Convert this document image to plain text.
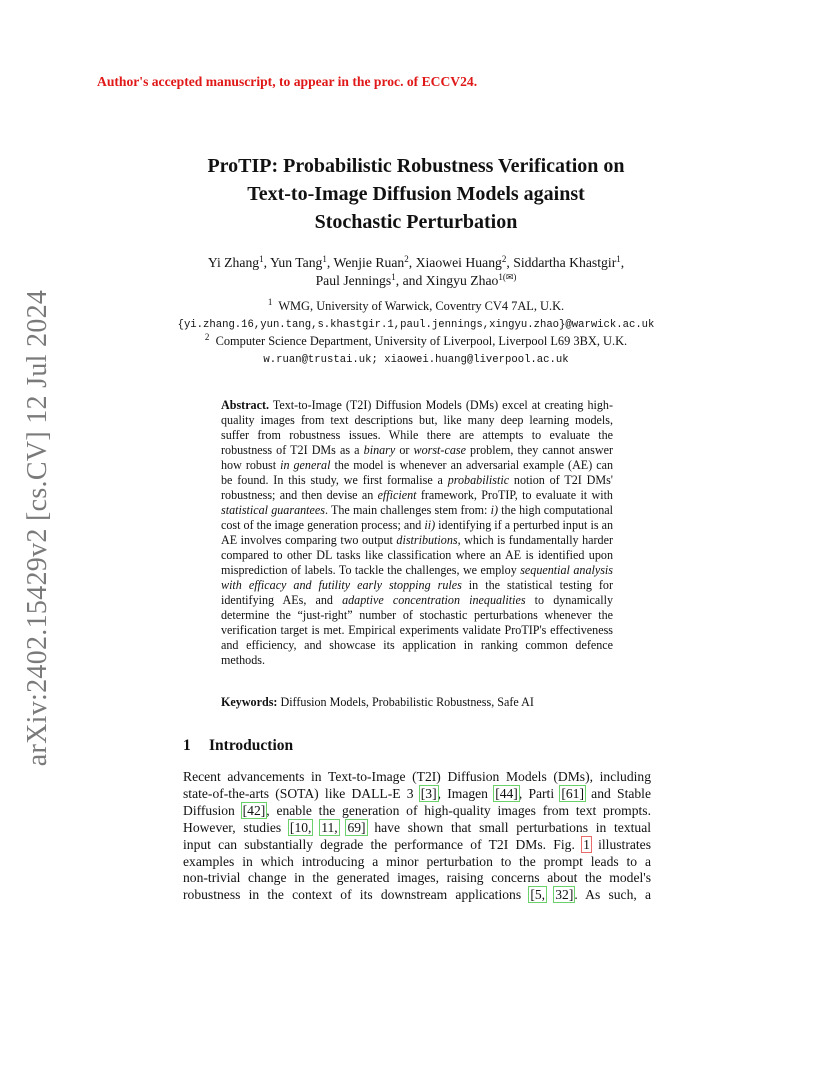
Author's accepted manuscript, to appear in the proc. of ECCV24.
arXiv:2402.15429v2 [cs.CV] 12 Jul 2024
ProTIP: Probabilistic Robustness Verification on
Text-to-Image Diffusion Models against
Stochastic Perturbation
Yi Zhang$^1$, Yun Tang$^1$, Wenjie Ruan$^2$, Xiaowei Huang$^2$, Siddartha Khastgir$^1$,
Paul Jennings$^1$, and Xingyu Zhao$^{1(✉)}$
$^1$ WMG, University of Warwick, Coventry CV4 7AL, U.K.
{yi.zhang.16,yun.tang,s.khastgir.1,paul.jennings,xingyu.zhao}@warwick.ac.uk
$^2$ Computer Science Department, University of Liverpool, Liverpool L69 3BX, U.K.
w.ruan@trustai.uk; xiaowei.huang@liverpool.ac.uk
Abstract. Text-to-Image (T2I) Diffusion Models (DMs) excel at creating high-quality images from text descriptions but, like many deep learning models, suffer from robustness issues. While there are attempts to evaluate the robustness of T2I DMs as a binary or worst-case problem, they cannot answer how robust in general the model is whenever an adversarial example (AE) can be found. In this study, we first formalise a probabilistic notion of T2I DMs' robustness; and then devise an efficient framework, ProTIP, to evaluate it with statistical guarantees. The main challenges stem from: i) the high computational cost of the image generation process; and ii) identifying if a perturbed input is an AE involves comparing two output distributions, which is fundamentally harder compared to other DL tasks like classification where an AE is identified upon misprediction of labels. To tackle the challenges, we employ sequential analysis with efficacy and futility early stopping rules in the statistical testing for identifying AEs, and adaptive concentration inequalities to dynamically determine the “just-right” number of stochastic perturbations whenever the verification target is met. Empirical experiments validate ProTIP's effectiveness and efficiency, and showcase its application in ranking common defence methods.
Keywords: Diffusion Models, Probabilistic Robustness, Safe AI
1 Introduction
Recent advancements in Text-to-Image (T2I) Diffusion Models (DMs), including
state-of-the-arts (SOTA) like DALL-E 3 [3], Imagen [44], Parti [61] and Stable
Diffusion [42], enable the generation of high-quality images from text prompts.
However, studies [10, 11, 69] have shown that small perturbations in textual
input can substantially degrade the performance of T2I DMs. Fig. 1 illustrates
examples in which introducing a minor perturbation to the prompt leads to a
non-trivial change in the generated images, raising concerns about the model's
robustness in the context of its downstream applications [5, 32]. As such, a
